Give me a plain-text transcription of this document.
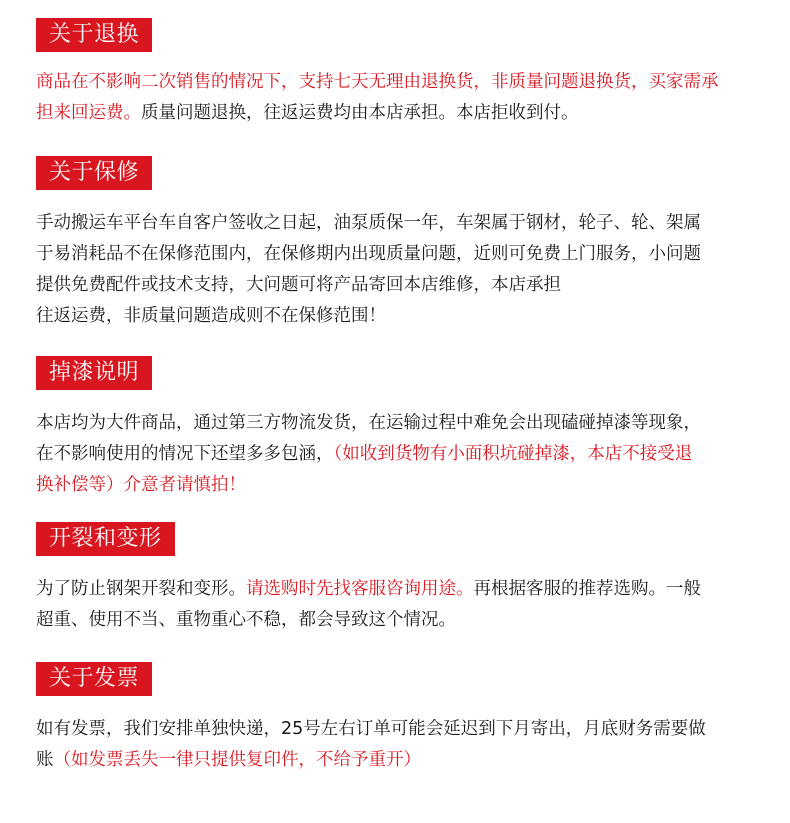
关于退换
商品在不影响二次销售的情况下，支持七天无理由退换货，非质量问题退换货，买家需承
担来回运费。质量问题退换，往返运费均由本店承担。本店拒收到付。
关于保修
手动搬运车平台车自客户签收之日起，油泵质保一年，车架属于钢材，轮子、轮、架属
于易消耗品不在保修范围内，在保修期内出现质量问题，近则可免费上门服务，小问题
提供免费配件或技术支持，大问题可将产品寄回本店维修，本店承担
往返运费，非质量问题造成则不在保修范围！
掉漆说明
本店均为大件商品，通过第三方物流发货，在运输过程中难免会出现磕碰掉漆等现象，
在不影响使用的情况下还望多多包涵，（如收到货物有小面积坑碰掉漆，本店不接受退
换补偿等）介意者请慎拍！
开裂和变形
为了防止钢架开裂和变形。请选购时先找客服咨询用途。再根据客服的推荐选购。一般
超重、使用不当、重物重心不稳，都会导致这个情况。
关于发票
如有发票，我们安排单独快递，25号左右订单可能会延迟到下月寄出，月底财务需要做
账（如发票丢失一律只提供复印件，不给予重开）
